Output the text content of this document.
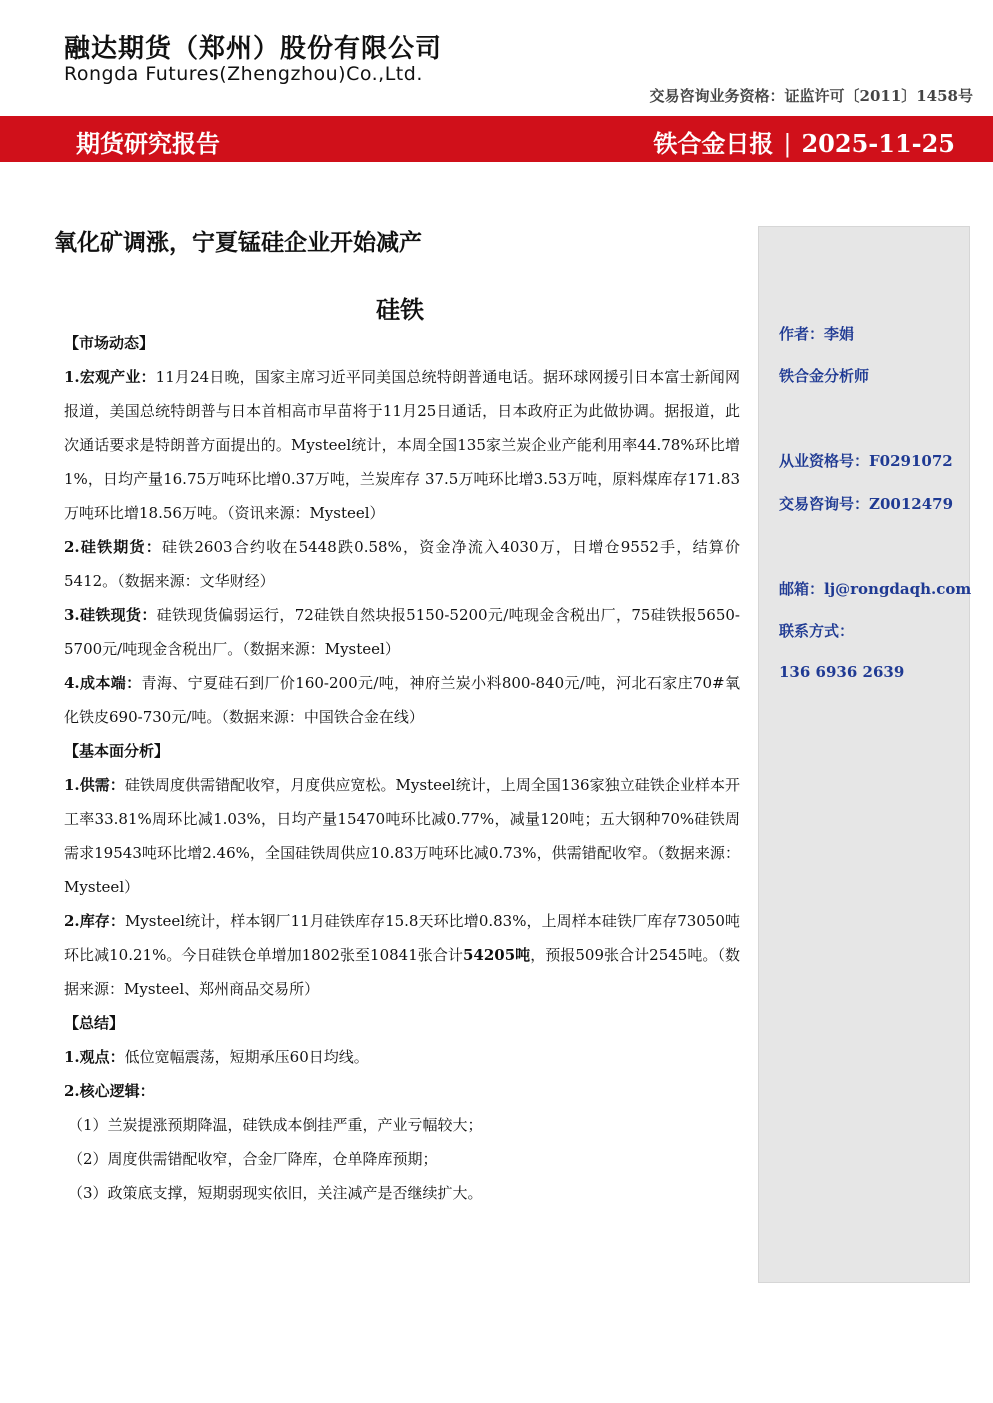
融达期货（郑州）股份有限公司
Rongda Futures(Zhengzhou)Co.,Ltd.
交易咨询业务资格：证监许可〔2011〕1458号
期货研究报告	铁合金日报 | 2025-11-25
氧化矿调涨，宁夏锰硅企业开始减产
硅铁

【市场动态】

1.宏观产业：11月24日晚，国家主席习近平同美国总统特朗普通电话。据环球网援引日本富士新闻网报道，美国总统特朗普与日本首相高市早苗将于11月25日通话，日本政府正为此做协调。据报道，此次通话要求是特朗普方面提出的。Mysteel统计，本周全国135家兰炭企业产能利用率44.78%环比增1%，日均产量16.75万吨环比增0.37万吨，兰炭库存 37.5万吨环比增3.53万吨，原料煤库存171.83万吨环比增18.56万吨。（资讯来源：Mysteel）

2.硅铁期货：硅铁2603合约收在5448跌0.58%，资金净流入4030万，日增仓9552手，结算价5412。（数据来源：文华财经）

3.硅铁现货：硅铁现货偏弱运行，72硅铁自然块报5150-5200元/吨现金含税出厂，75硅铁报5650-5700元/吨现金含税出厂。（数据来源：Mysteel）

4.成本端：青海、宁夏硅石到厂价160-200元/吨，神府兰炭小料800-840元/吨，河北石家庄70#氧化铁皮690-730元/吨。（数据来源：中国铁合金在线）

【基本面分析】

1.供需：硅铁周度供需错配收窄，月度供应宽松。Mysteel统计，上周全国136家独立硅铁企业样本开工率33.81%周环比减1.03%，日均产量15470吨环比减0.77%，减量120吨；五大钢种70%硅铁周需求19543吨环比增2.46%，全国硅铁周供应10.83万吨环比减0.73%，供需错配收窄。（数据来源：Mysteel）

2.库存：Mysteel统计，样本钢厂11月硅铁库存15.8天环比增0.83%，上周样本硅铁厂库存73050吨环比减10.21%。今日硅铁仓单增加1802张至10841张合计54205吨，预报509张合计2545吨。（数据来源：Mysteel、郑州商品交易所）

【总结】

1.观点：低位宽幅震荡，短期承压60日均线。

2.核心逻辑：

（1）兰炭提涨预期降温，硅铁成本倒挂严重，产业亏幅较大；

（2）周度供需错配收窄，合金厂降库，仓单降库预期；

（3）政策底支撑，短期弱现实依旧，关注减产是否继续扩大。

作者：李娟
铁合金分析师
从业资格号：F0291072
交易咨询号：Z0012479
邮箱：lj@rongdaqh.com
联系方式：
136 6936 2639
